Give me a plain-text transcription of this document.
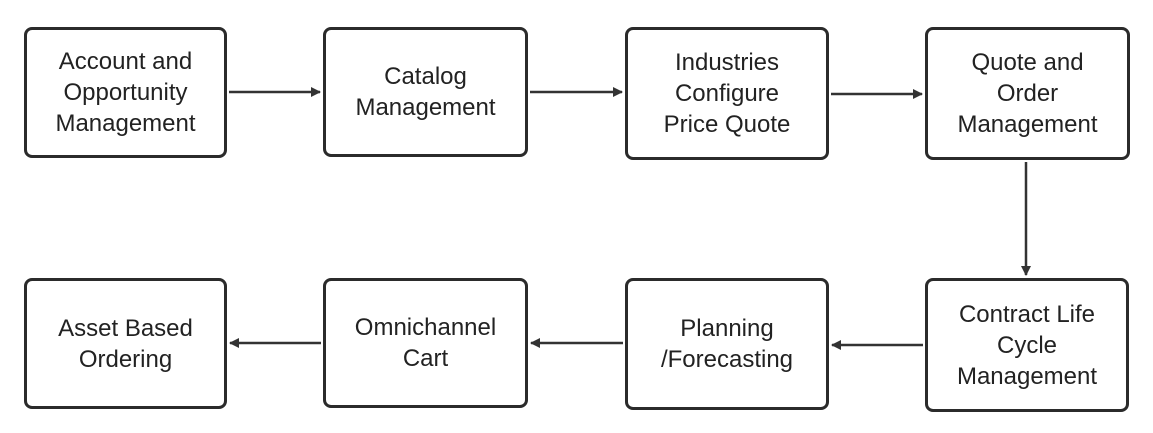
Account and
Opportunity
Management
Catalog
Management
Industries
Configure
Price Quote
Quote and
Order
Management
Contract Life
Cycle
Management
Planning
/Forecasting
Omnichannel
Cart
Asset Based
Ordering
